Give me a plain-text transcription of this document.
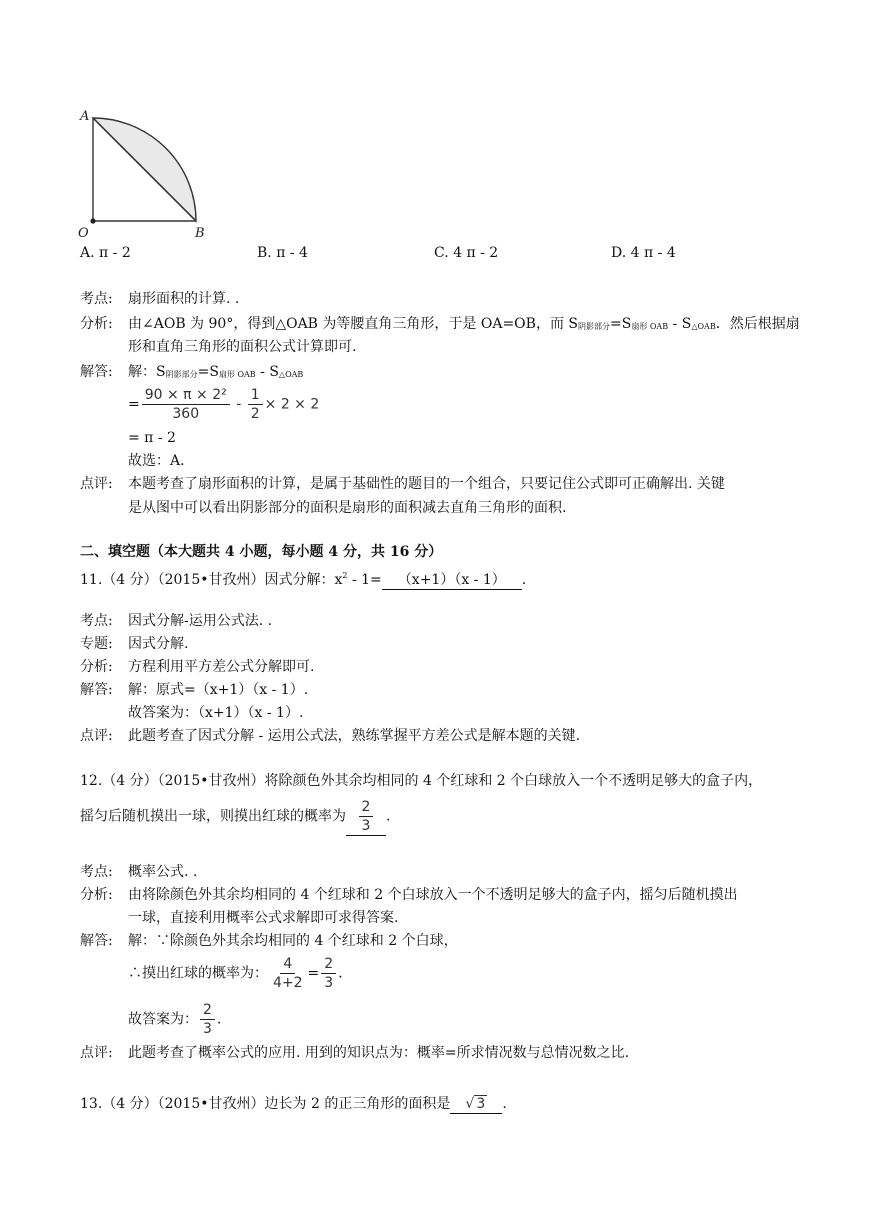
A
O	B
A. π - 2	B. π - 4	C. 4 π - 2	D. 4 π - 4
考点:	扇形面积的计算. .
分析:	由∠AOB 为 90°，得到△OAB 为等腰直角三角形，于是 OA=OB，而 S阴影部分=S扇形 OAB - S△OAB．然后根据扇
形和直角三角形的面积公式计算即可.
解答:	解：S阴影部分=S扇形 OAB - S△OAB
= $\frac{\text{90 × π × 2²}}{360} - \frac{1}{2} \times 2 \times 2$
= π - 2
故选：A.
点评:	本题考查了扇形面积的计算，是属于基础性的题目的一个组合，只要记住公式即可正确解出. 关键
是从图中可以看出阴影部分的面积是扇形的面积减去直角三角形的面积.
二、填空题（本大题共 4 小题，每小题 4 分，共 16 分）
11.（4 分）（2015•甘孜州）因式分解：$x^2 - 1= (x+1)(x - 1)$ .
考点:	因式分解-运用公式法. .
专题:	因式分解.
分析:	方程利用平方差公式分解即可.
解答:	解：原式=（x+1）（x - 1）.
故答案为：（x+1）（x - 1）.
点评:	此题考查了因式分解 - 运用公式法，熟练掌握平方差公式是解本题的关键.
12.（4 分）（2015•甘孜州）将除颜色外其余均相同的 4 个红球和 2 个白球放入一个不透明足够大的盒子内，
摇匀后随机摸出一球，则摸出红球的概率为 $\frac{2}{3}$ .
考点:	概率公式. .
分析:	由将除颜色外其余均相同的 4 个红球和 2 个白球放入一个不透明足够大的盒子内，摇匀后随机摸出
一球，直接利用概率公式求解即可求得答案.
解答:	解：∵除颜色外其余均相同的 4 个红球和 2 个白球，
∴摸出红球的概率为： $\frac{4}{4+2} = \frac{2}{3}$ .
故答案为： $\frac{2}{3}$ .
点评:	此题考查了概率公式的应用. 用到的知识点为：概率=所求情况数与总情况数之比.
13.（4 分）（2015•甘孜州）边长为 2 的正三角形的面积是 √ 3 .
